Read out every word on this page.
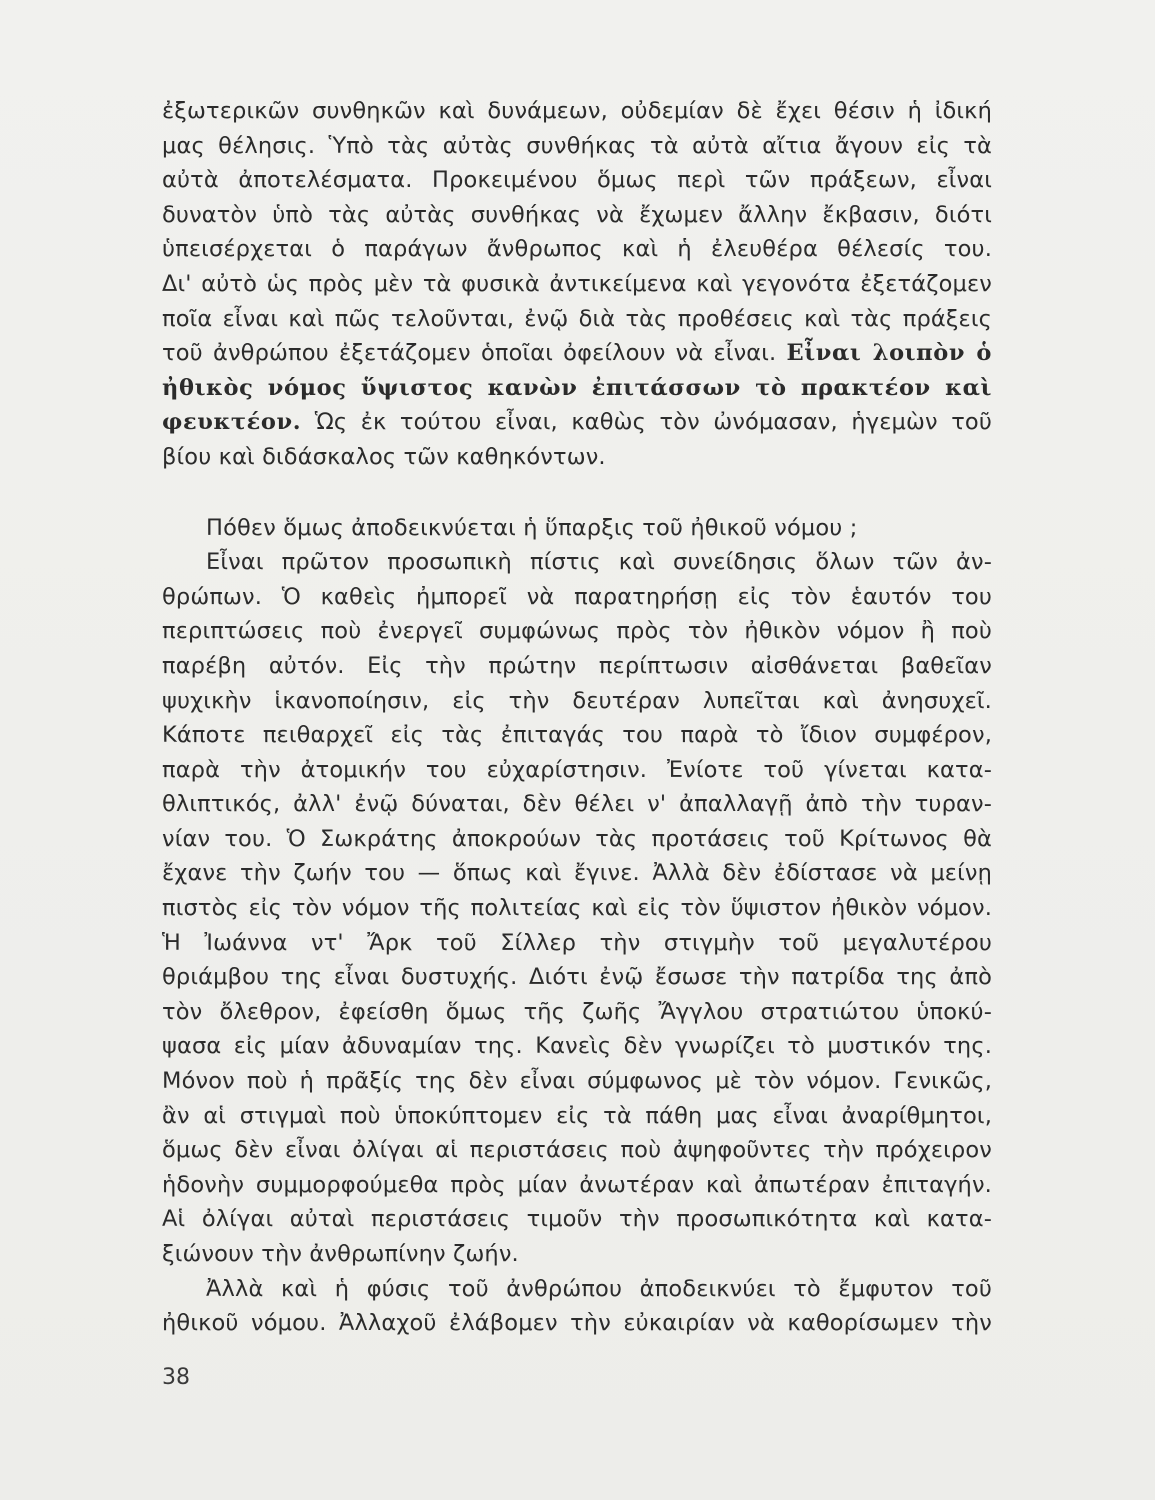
ἐξωτερικῶν συνθηκῶν καὶ δυνάμεων, οὐδεμίαν δὲ ἔχει θέσιν ἡ ἰδική
μας θέλησις. Ὑπὸ τὰς αὐτὰς συνθήκας τὰ αὐτὰ αἴτια ἄγουν εἰς τὰ
αὐτὰ ἀποτελέσματα. Προκειμένου ὅμως περὶ τῶν πράξεων, εἶναι
δυνατὸν ὑπὸ τὰς αὐτὰς συνθήκας νὰ ἔχωμεν ἄλλην ἔκβασιν, διότι
ὑπεισέρχεται ὁ παράγων ἄνθρωπος καὶ ἡ ἐλευθέρα θέλεσίς του.
Δι' αὐτὸ ὡς πρὸς μὲν τὰ φυσικὰ ἀντικείμενα καὶ γεγονότα ἐξετάζομεν
ποῖα εἶναι καὶ πῶς τελοῦνται, ἐνῷ διὰ τὰς προθέσεις καὶ τὰς πράξεις
τοῦ ἀνθρώπου ἐξετάζομεν ὁποῖαι ὀφείλουν νὰ εἶναι. Εἶναι λοιπὸν ὁ
ἠθικὸς νόμος ὕψιστος κανὼν ἐπιτάσσων τὸ πρακτέον καὶ
φευκτέον. Ὡς ἐκ τούτου εἶναι, καθὼς τὸν ὠνόμασαν, ἡγεμὼν τοῦ
βίου καὶ διδάσκαλος τῶν καθηκόντων.
Πόθεν ὅμως ἀποδεικνύεται ἡ ὕπαρξις τοῦ ἠθικοῦ νόμου ;
Εἶναι πρῶτον προσωπικὴ πίστις καὶ συνείδησις ὅλων τῶν ἀν-
θρώπων. Ὁ καθεὶς ἠμπορεῖ νὰ παρατηρήσῃ εἰς τὸν ἑαυτόν του
περιπτώσεις ποὺ ἐνεργεῖ συμφώνως πρὸς τὸν ἠθικὸν νόμον ἢ ποὺ
παρέβη αὐτόν. Εἰς τὴν πρώτην περίπτωσιν αἰσθάνεται βαθεῖαν
ψυχικὴν ἱκανοποίησιν, εἰς τὴν δευτέραν λυπεῖται καὶ ἀνησυχεῖ.
Κάποτε πειθαρχεῖ εἰς τὰς ἐπιταγάς του παρὰ τὸ ἴδιον συμφέρον,
παρὰ τὴν ἀτομικήν του εὐχαρίστησιν. Ἐνίοτε τοῦ γίνεται κατα-
θλιπτικός, ἀλλ' ἐνῷ δύναται, δὲν θέλει ν' ἀπαλλαγῇ ἀπὸ τὴν τυραν-
νίαν του. Ὁ Σωκράτης ἀποκρούων τὰς προτάσεις τοῦ Κρίτωνος θὰ
ἔχανε τὴν ζωήν του — ὅπως καὶ ἔγινε. Ἀλλὰ δὲν ἐδίστασε νὰ μείνῃ
πιστὸς εἰς τὸν νόμον τῆς πολιτείας καὶ εἰς τὸν ὕψιστον ἠθικὸν νόμον.
Ἡ Ἰωάννα ντ' Ἄρκ τοῦ Σίλλερ τὴν στιγμὴν τοῦ μεγαλυτέρου
θριάμβου της εἶναι δυστυχής. Διότι ἐνῷ ἔσωσε τὴν πατρίδα της ἀπὸ
τὸν ὄλεθρον, ἐφείσθη ὅμως τῆς ζωῆς Ἄγγλου στρατιώτου ὑποκύ-
ψασα εἰς μίαν ἀδυναμίαν της. Κανεὶς δὲν γνωρίζει τὸ μυστικόν της.
Μόνον ποὺ ἡ πρᾶξίς της δὲν εἶναι σύμφωνος μὲ τὸν νόμον. Γενικῶς,
ἂν αἱ στιγμαὶ ποὺ ὑποκύπτομεν εἰς τὰ πάθη μας εἶναι ἀναρίθμητοι,
ὅμως δὲν εἶναι ὀλίγαι αἱ περιστάσεις ποὺ ἀψηφοῦντες τὴν πρόχειρον
ἡδονὴν συμμορφούμεθα πρὸς μίαν ἀνωτέραν καὶ ἀπωτέραν ἐπιταγήν.
Αἱ ὀλίγαι αὐταὶ περιστάσεις τιμοῦν τὴν προσωπικότητα καὶ κατα-
ξιώνουν τὴν ἀνθρωπίνην ζωήν.
Ἀλλὰ καὶ ἡ φύσις τοῦ ἀνθρώπου ἀποδεικνύει τὸ ἔμφυτον τοῦ
ἠθικοῦ νόμου. Ἀλλαχοῦ ἐλάβομεν τὴν εὐκαιρίαν νὰ καθορίσωμεν τὴν
38
